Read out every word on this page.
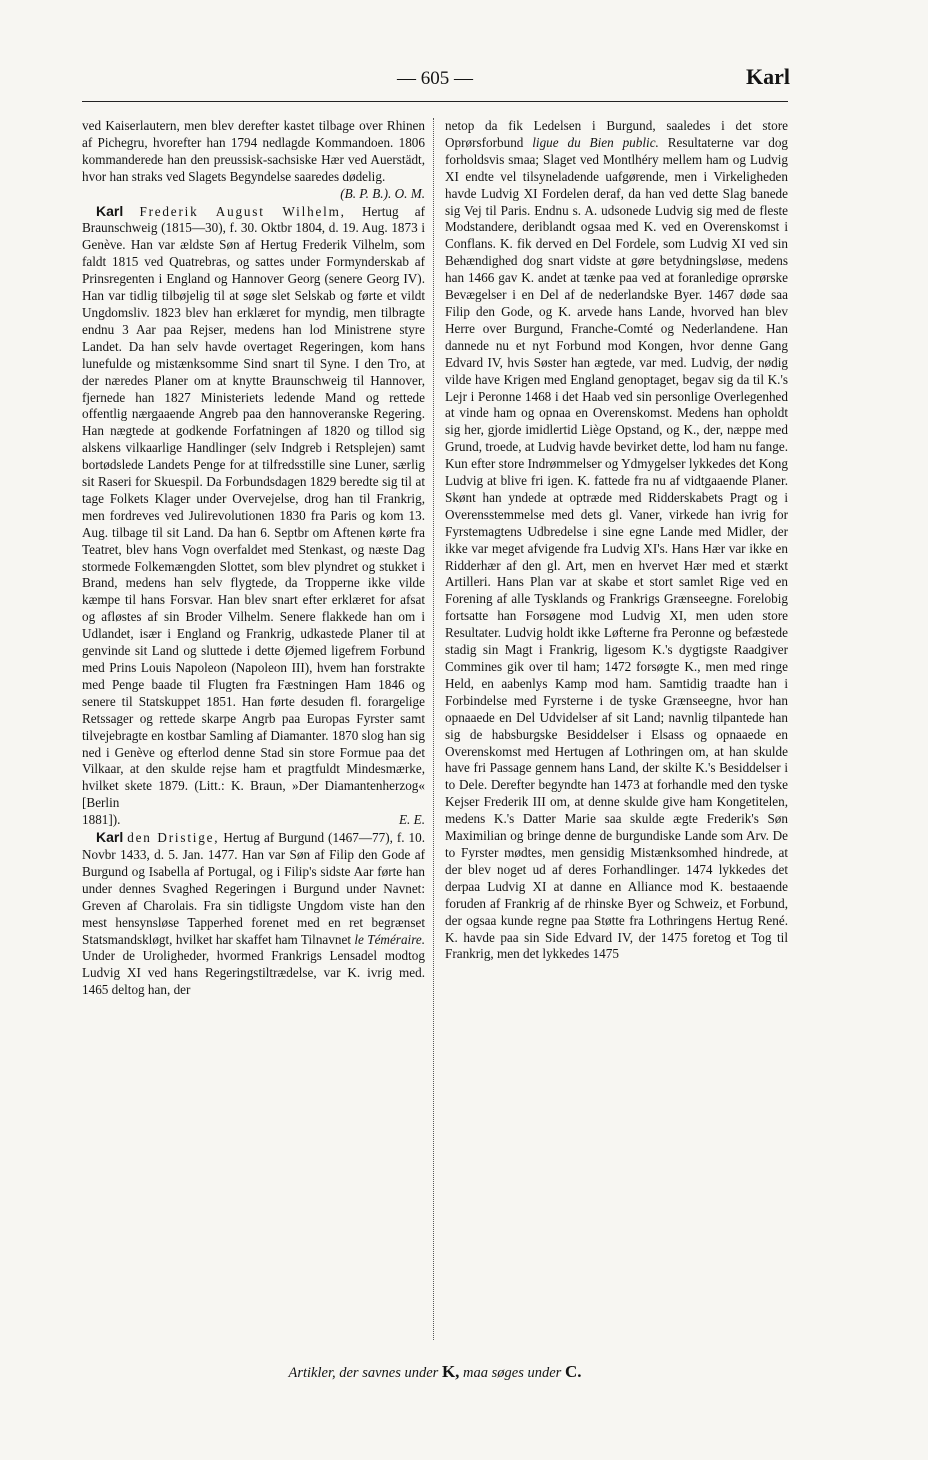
— 605 —	Karl

ved Kaiserlautern, men blev derefter kastet tilbage over Rhinen af Pichegru, hvorefter han 1794 nedlagde Kommandoen. 1806 kommanderede han den preussisk-sachsiske Hær ved Auerstädt, hvor han straks ved Slagets Begyndelse saaredes dødelig.

(B. P. B.). O. M.

Karl Frederik August Wilhelm, Hertug af Braunschweig (1815—30), f. 30. Oktbr 1804, d. 19. Aug. 1873 i Genève. Han var ældste Søn af Hertug Frederik Vilhelm, som faldt 1815 ved Quatrebras, og sattes under Formynderskab af Prinsregenten i England og Hannover Georg (senere Georg IV). Han var tidlig tilbøjelig til at søge slet Selskab og førte et vildt Ungdomsliv. 1823 blev han erklæret for myndig, men tilbragte endnu 3 Aar paa Rejser, medens han lod Ministrene styre Landet. Da han selv havde overtaget Regeringen, kom hans lunefulde og mistænksomme Sind snart til Syne. I den Tro, at der næredes Planer om at knytte Braunschweig til Hannover, fjernede han 1827 Ministeriets ledende Mand og rettede offentlig nærgaaende Angreb paa den hannoveranske Regering. Han nægtede at godkende Forfatningen af 1820 og tillod sig alskens vilkaarlige Handlinger (selv Indgreb i Retsplejen) samt bortødslede Landets Penge for at tilfredsstille sine Luner, særlig sit Raseri for Skuespil. Da Forbundsdagen 1829 beredte sig til at tage Folkets Klager under Overvejelse, drog han til Frankrig, men fordreves ved Julirevolutionen 1830 fra Paris og kom 13. Aug. tilbage til sit Land. Da han 6. Septbr om Aftenen kørte fra Teatret, blev hans Vogn overfaldet med Stenkast, og næste Dag stormede Folkemængden Slottet, som blev plyndret og stukket i Brand, medens han selv flygtede, da Tropperne ikke vilde kæmpe til hans Forsvar. Han blev snart efter erklæret for afsat og afløstes af sin Broder Vilhelm. Senere flakkede han om i Udlandet, især i England og Frankrig, udkastede Planer til at genvinde sit Land og sluttede i dette Øjemed ligefrem Forbund med Prins Louis Napoleon (Napoleon III), hvem han forstrakte med Penge baade til Flugten fra Fæstningen Ham 1846 og senere til Statskuppet 1851. Han førte desuden fl. forargelige Retssager og rettede skarpe Angrb paa Europas Fyrster samt tilvejebragte en kostbar Samling af Diamanter. 1870 slog han sig ned i Genève og efterlod denne Stad sin store Formue paa det Vilkaar, at den skulde rejse ham et pragtfuldt Mindesmærke, hvilket skete 1879. (Litt.: K. Braun, »Der Diamantenherzog« [Berlin

1881]).	E. E.

Karl den Dristige, Hertug af Burgund (1467—77), f. 10. Novbr 1433, d. 5. Jan. 1477. Han var Søn af Filip den Gode af Burgund og Isabella af Portugal, og i Filip's sidste Aar førte han under dennes Svaghed Regeringen i Burgund under Navnet: Greven af Charolais. Fra sin tidligste Ungdom viste han den mest hensynsløse Tapperhed forenet med en ret begrænset Statsmandskløgt, hvilket har skaffet ham Tilnavnet le Téméraire. Under de Uroligheder, hvormed Frankrigs Lensadel modtog Ludvig XI ved hans Regeringstiltrædelse, var K. ivrig med. 1465 deltog han, der

netop da fik Ledelsen i Burgund, saaledes i det store Oprørsforbund ligue du Bien public. Resultaterne var dog forholdsvis smaa; Slaget ved Montlhéry mellem ham og Ludvig XI endte vel tilsyneladende uafgørende, men i Virkeligheden havde Ludvig XI Fordelen deraf, da han ved dette Slag banede sig Vej til Paris. Endnu s. A. udsonede Ludvig sig med de fleste Modstandere, deriblandt ogsaa med K. ved en Overenskomst i Conflans. K. fik derved en Del Fordele, som Ludvig XI ved sin Behændighed dog snart vidste at gøre betydningsløse, medens han 1466 gav K. andet at tænke paa ved at foranledige oprørske Bevægelser i en Del af de nederlandske Byer. 1467 døde saa Filip den Gode, og K. arvede hans Lande, hvorved han blev Herre over Burgund, Franche-Comté og Nederlandene. Han dannede nu et nyt Forbund mod Kongen, hvor denne Gang Edvard IV, hvis Søster han ægtede, var med. Ludvig, der nødig vilde have Krigen med England genoptaget, begav sig da til K.'s Lejr i Peronne 1468 i det Haab ved sin personlige Overlegenhed at vinde ham og opnaa en Overenskomst. Medens han opholdt sig her, gjorde imidlertid Liège Opstand, og K., der, næppe med Grund, troede, at Ludvig havde bevirket dette, lod ham nu fange. Kun efter store Indrømmelser og Ydmygelser lykkedes det Kong Ludvig at blive fri igen. K. fattede fra nu af vidtgaaende Planer. Skønt han yndede at optræde med Ridderskabets Pragt og i Overensstemmelse med dets gl. Vaner, virkede han ivrig for Fyrstemagtens Udbredelse i sine egne Lande med Midler, der ikke var meget afvigende fra Ludvig XI's. Hans Hær var ikke en Ridderhær af den gl. Art, men en hvervet Hær med et stærkt Artilleri. Hans Plan var at skabe et stort samlet Rige ved en Forening af alle Tysklands og Frankrigs Grænseegne. Forelobig fortsatte han Forsøgene mod Ludvig XI, men uden store Resultater. Ludvig holdt ikke Løfterne fra Peronne og befæstede stadig sin Magt i Frankrig, ligesom K.'s dygtigste Raadgiver Commines gik over til ham; 1472 forsøgte K., men med ringe Held, en aabenlys Kamp mod ham. Samtidig traadte han i Forbindelse med Fyrsterne i de tyske Grænseegne, hvor han opnaaede en Del Udvidelser af sit Land; navnlig tilpantede han sig de habsburgske Besiddelser i Elsass og opnaaede en Overenskomst med Hertugen af Lothringen om, at han skulde have fri Passage gennem hans Land, der skilte K.'s Besiddelser i to Dele. Derefter begyndte han 1473 at forhandle med den tyske Kejser Frederik III om, at denne skulde give ham Kongetitelen, medens K.'s Datter Marie saa skulde ægte Frederik's Søn Maximilian og bringe denne de burgundiske Lande som Arv. De to Fyrster mødtes, men gensidig Mistænksomhed hindrede, at der blev noget ud af deres Forhandlinger. 1474 lykkedes det derpaa Ludvig XI at danne en Alliance mod K. bestaaende foruden af Frankrig af de rhinske Byer og Schweiz, et Forbund, der ogsaa kunde regne paa Støtte fra Lothringens Hertug René. K. havde paa sin Side Edvard IV, der 1475 foretog et Tog til Frankrig, men det lykkedes 1475

Artikler, der savnes under K, maa søges under C.
